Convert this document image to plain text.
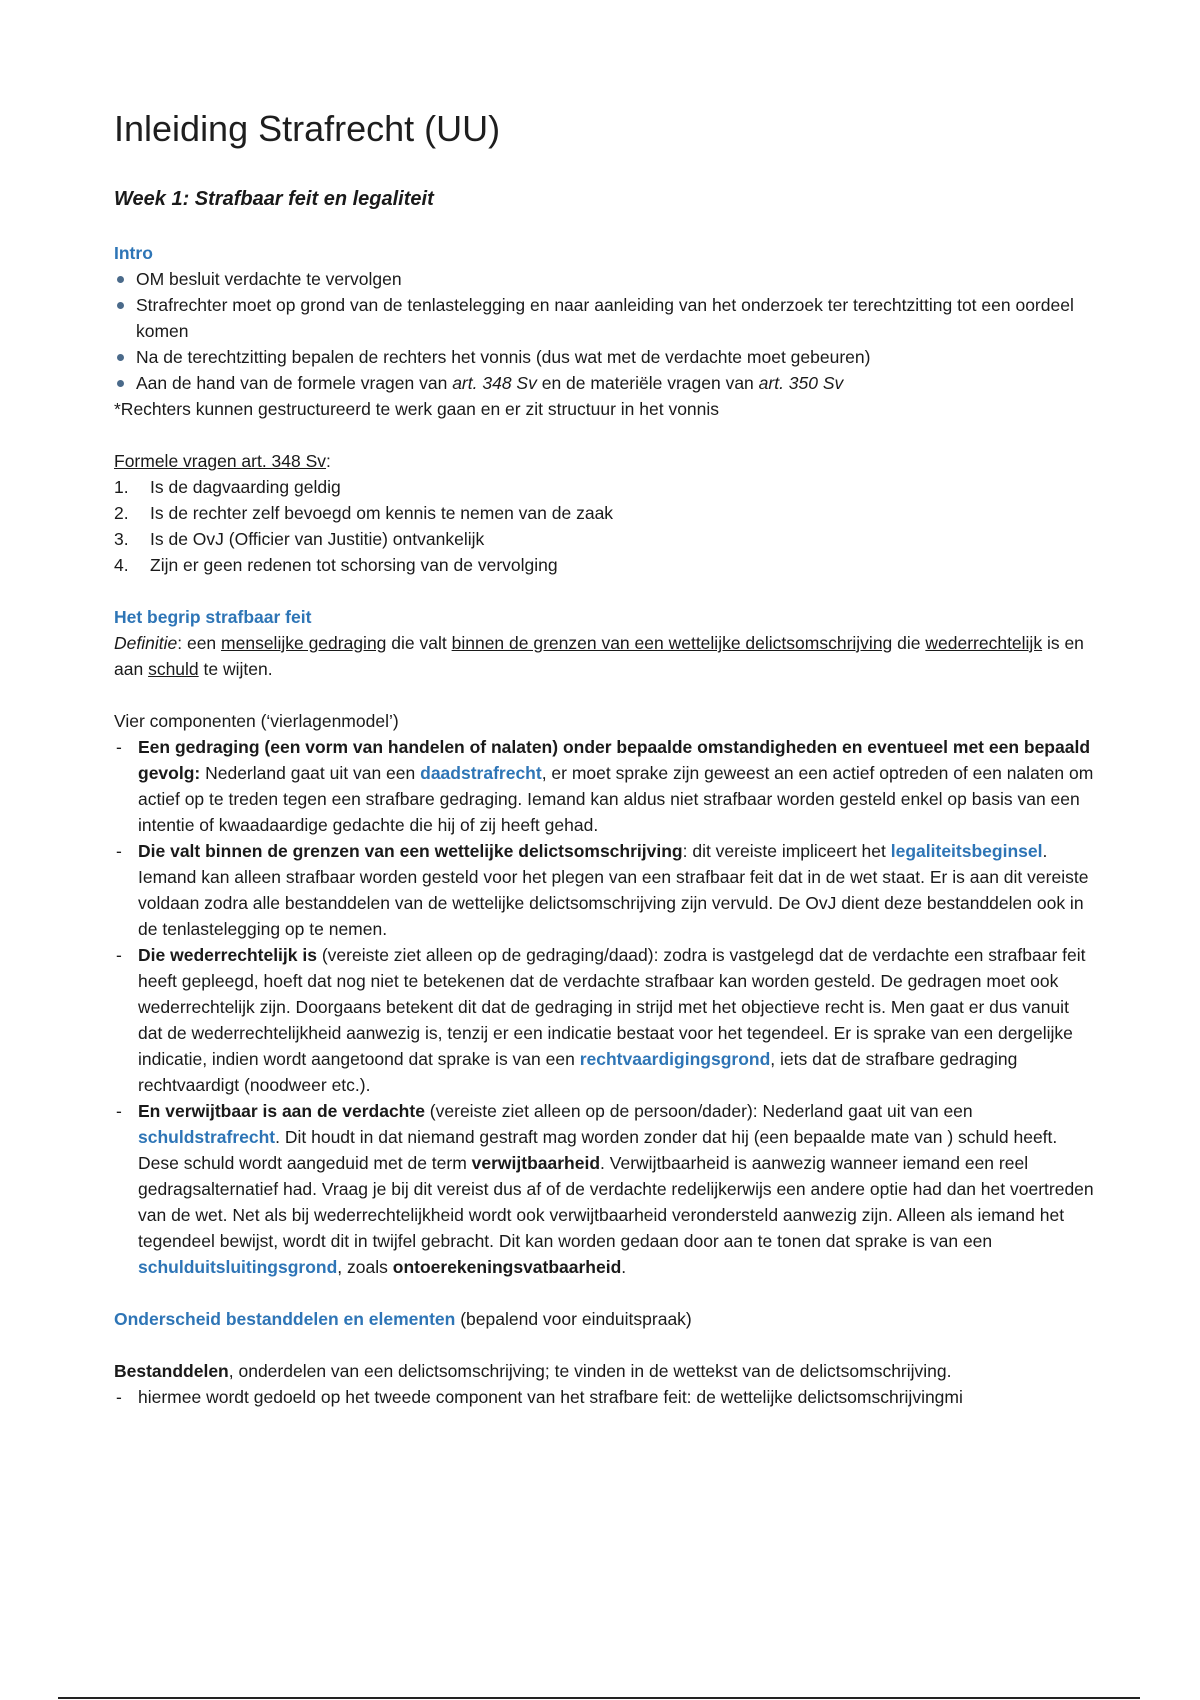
Inleiding Strafrecht (UU)

Week 1: Strafbaar feit en legaliteit

Intro
OM besluit verdachte te vervolgen
Strafrechter moet op grond van de tenlastelegging en naar aanleiding van het onderzoek ter terechtzitting tot een oordeel komen
Na de terechtzitting bepalen de rechters het vonnis (dus wat met de verdachte moet gebeuren)
Aan de hand van de formele vragen van art. 348 Sv en de materiële vragen van art. 350 Sv
*Rechters kunnen gestructureerd te werk gaan en er zit structuur in het vonnis
Formele vragen art. 348 Sv:
1. Is de dagvaarding geldig
2. Is de rechter zelf bevoegd om kennis te nemen van de zaak
3. Is de OvJ (Officier van Justitie) ontvankelijk
4. Zijn er geen redenen tot schorsing van de vervolging
Het begrip strafbaar feit
Definitie: een menselijke gedraging die valt binnen de grenzen van een wettelijke delictsomschrijving die wederrechtelijk is en aan schuld te wijten.
Vier componenten (‘vierlagenmodel’)
- Een gedraging (een vorm van handelen of nalaten) onder bepaalde omstandigheden en eventueel met een bepaald gevolg: Nederland gaat uit van een daadstrafrecht, er moet sprake zijn geweest an een actief optreden of een nalaten om actief op te treden tegen een strafbare gedraging. Iemand kan aldus niet strafbaar worden gesteld enkel op basis van een intentie of kwaadaardige gedachte die hij of zij heeft gehad.
- Die valt binnen de grenzen van een wettelijke delictsomschrijving: dit vereiste impliceert het legaliteitsbeginsel. Iemand kan alleen strafbaar worden gesteld voor het plegen van een strafbaar feit dat in de wet staat. Er is aan dit vereiste voldaan zodra alle bestanddelen van de wettelijke delictsomschrijving zijn vervuld. De OvJ dient deze bestanddelen ook in de tenlastelegging op te nemen.
- Die wederrechtelijk is (vereiste ziet alleen op de gedraging/daad): zodra is vastgelegd dat de verdachte een strafbaar feit heeft gepleegd, hoeft dat nog niet te betekenen dat de verdachte strafbaar kan worden gesteld. De gedragen moet ook wederrechtelijk zijn. Doorgaans betekent dit dat de gedraging in strijd met het objectieve recht is. Men gaat er dus vanuit dat de wederrechtelijkheid aanwezig is, tenzij er een indicatie bestaat voor het tegendeel. Er is sprake van een dergelijke indicatie, indien wordt aangetoond dat sprake is van een rechtvaardigingsgrond, iets dat de strafbare gedraging rechtvaardigt (noodweer etc.).
- En verwijtbaar is aan de verdachte (vereiste ziet alleen op de persoon/dader): Nederland gaat uit van een schuldstrafrecht. Dit houdt in dat niemand gestraft mag worden zonder dat hij (een bepaalde mate van ) schuld heeft. Dese schuld wordt aangeduid met de term verwijtbaarheid. Verwijtbaarheid is aanwezig wanneer iemand een reel gedragsalternatief had. Vraag je bij dit vereist dus af of de verdachte redelijkerwijs een andere optie had dan het voertreden van de wet. Net als bij wederrechtelijkheid wordt ook verwijtbaarheid verondersteld aanwezig zijn. Alleen als iemand het tegendeel bewijst, wordt dit in twijfel gebracht. Dit kan worden gedaan door aan te tonen dat sprake is van een schulduitsluitingsgrond, zoals ontoerekeningsvatbaarheid.
Onderscheid bestanddelen en elementen (bepalend voor einduitspraak)
Bestanddelen, onderdelen van een delictsomschrijving; te vinden in de wettekst van de delictsomschrijving.
- hiermee wordt gedoeld op het tweede component van het strafbare feit: de wettelijke delictsomschrijvingmi
